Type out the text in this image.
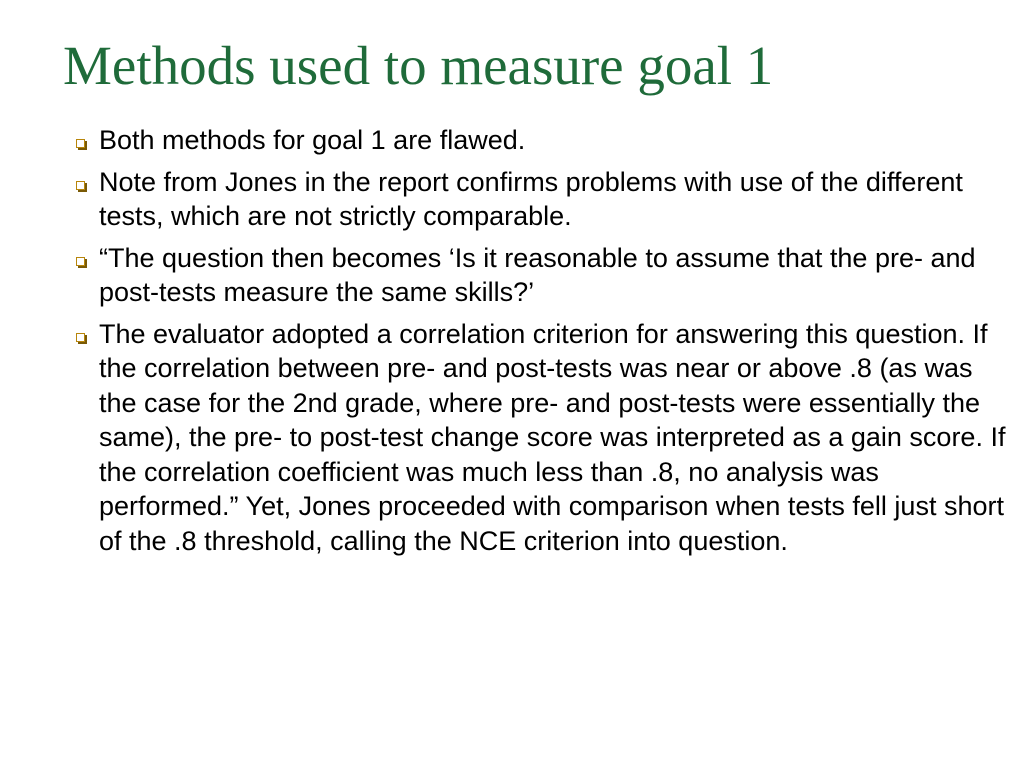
Methods used to measure goal 1
Both methods for goal 1 are flawed.
Note from Jones in the report confirms problems with use of the different tests, which are not strictly comparable.
“The question then becomes ‘Is it reasonable to assume that the pre- and post-tests measure the same skills?’
The evaluator adopted a correlation criterion for answering this question. If the correlation between pre- and post-tests was near or above .8 (as was the case for the 2nd grade, where pre- and post-tests were essentially the same), the pre- to post-test change score was interpreted as a gain score. If the correlation coefficient was much less than .8, no analysis was performed.” Yet, Jones proceeded with comparison when tests fell just short of the .8 threshold, calling the NCE criterion into question.
